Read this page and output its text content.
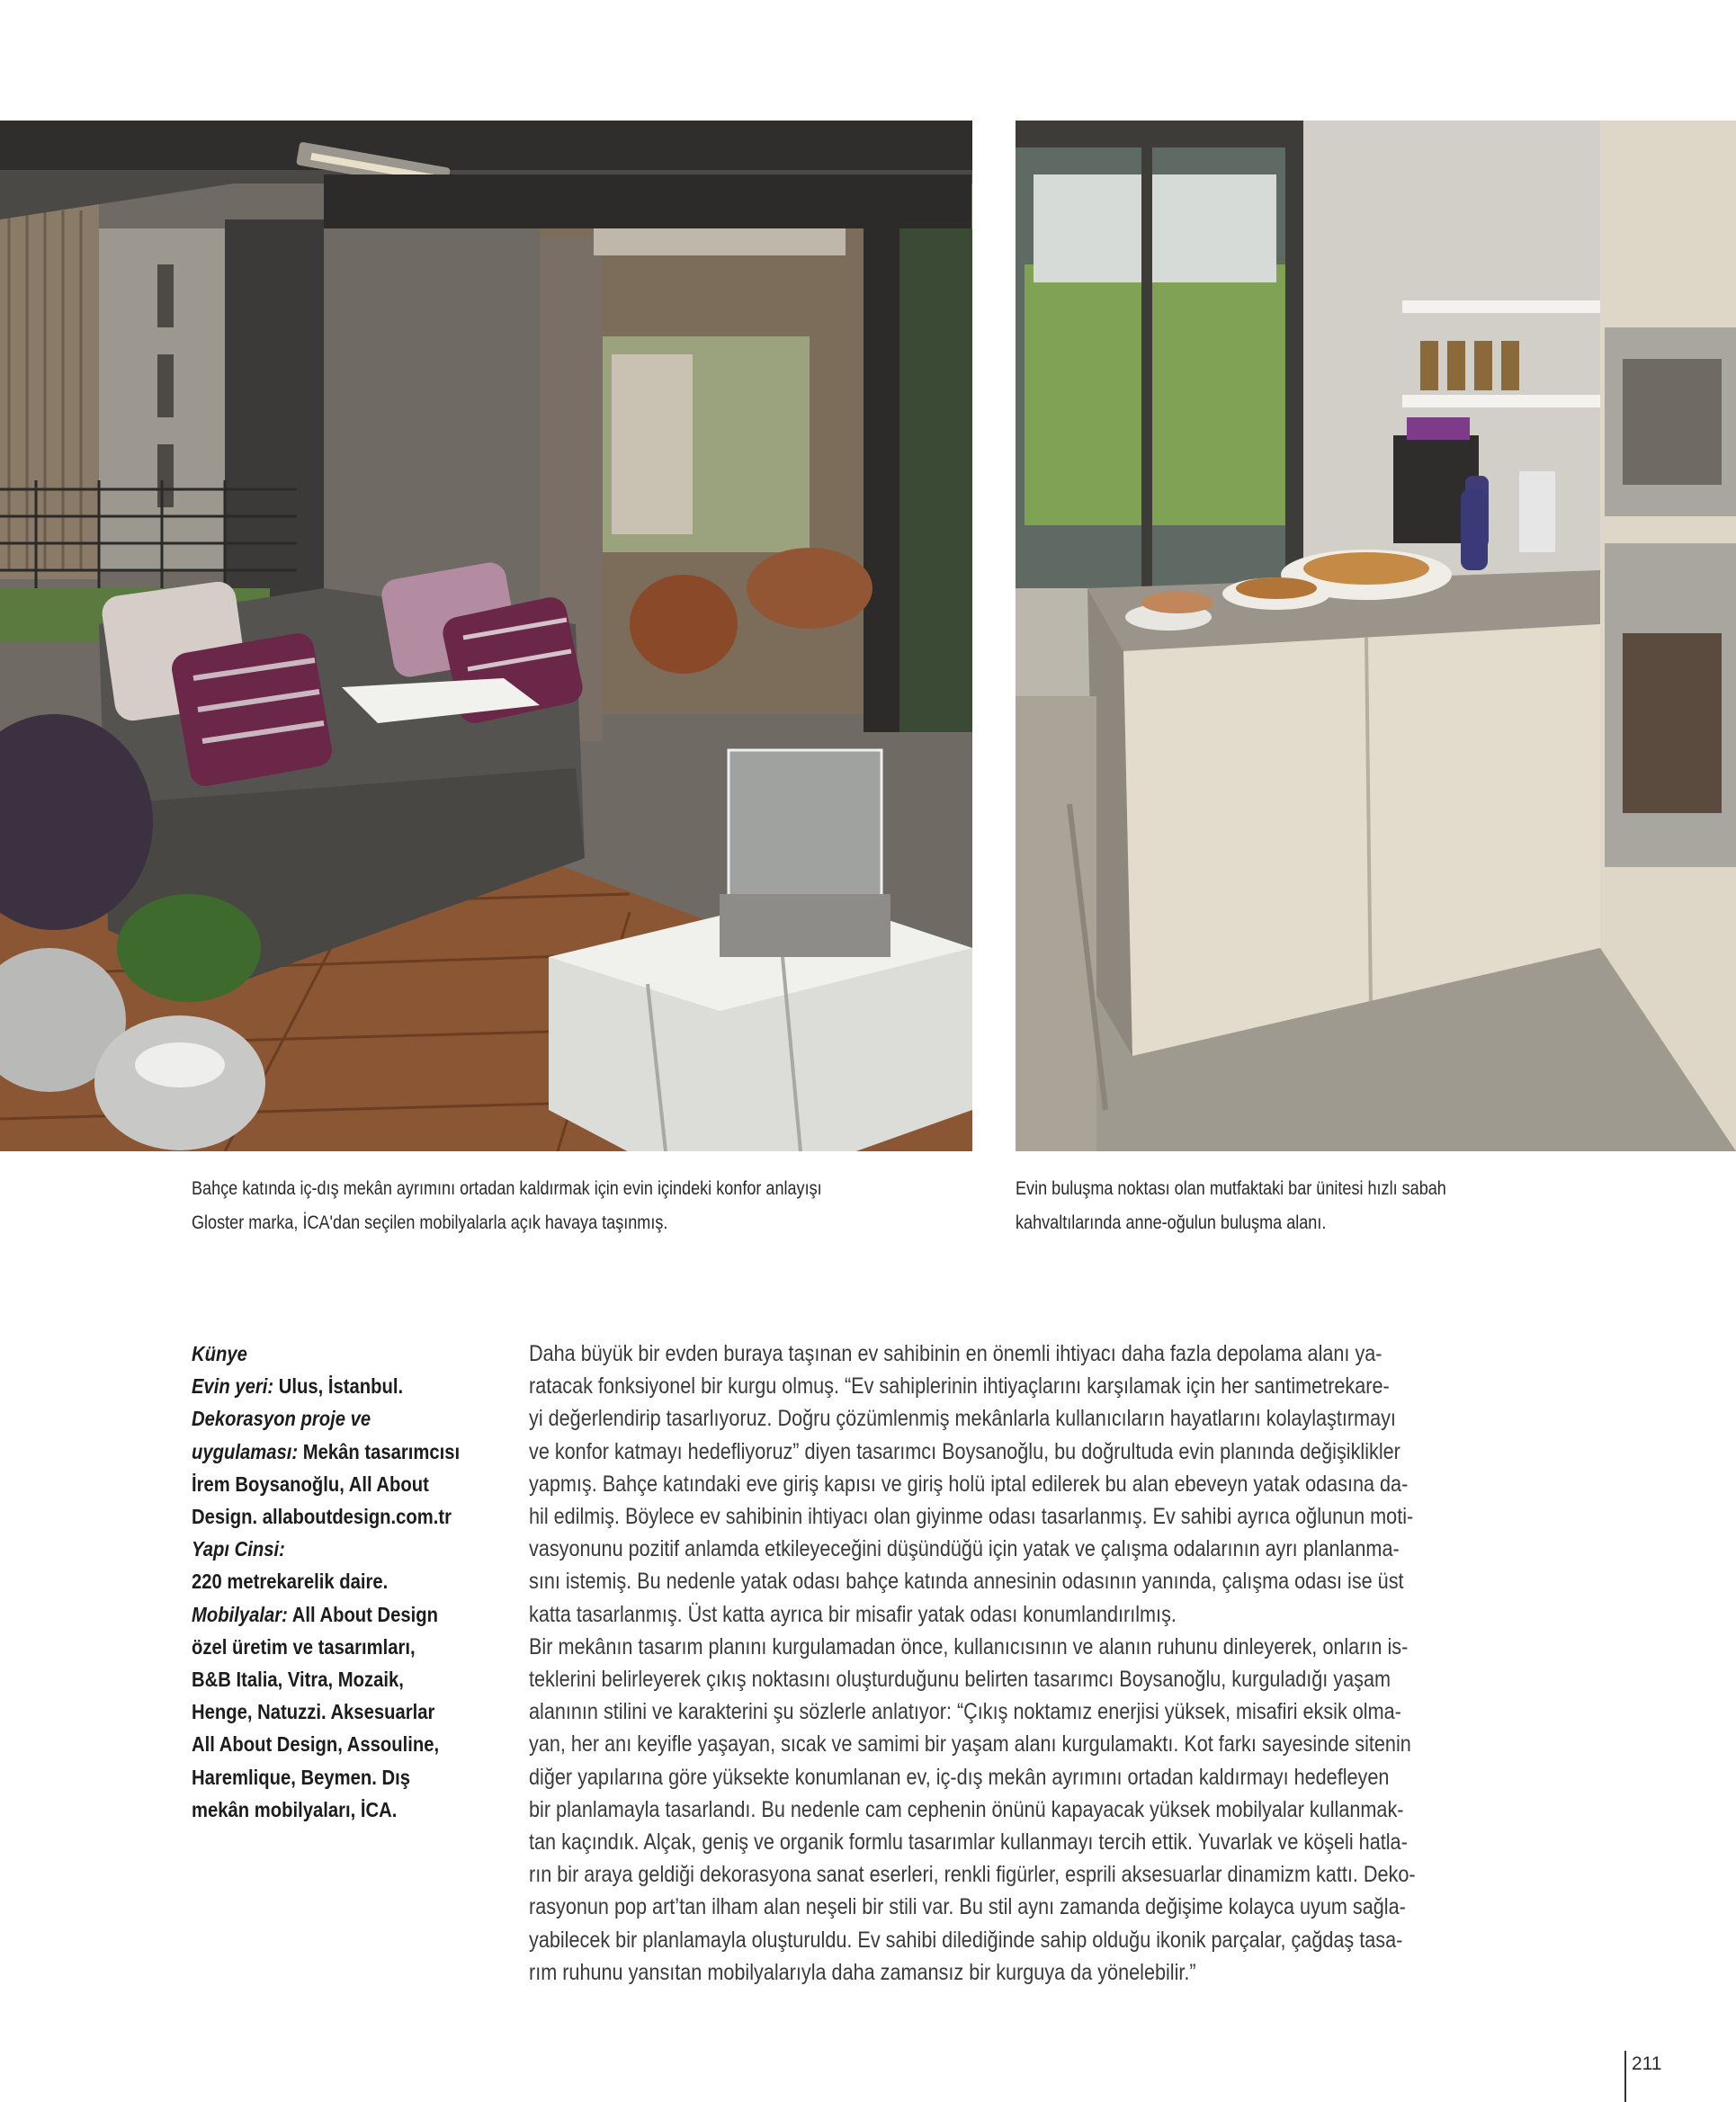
Bahçe katında iç-dış mekân ayrımını ortadan kaldırmak için evin içindeki konfor anlayışı
Gloster marka, İCA'dan seçilen mobilyalarla açık havaya taşınmış.
Evin buluşma noktası olan mutfaktaki bar ünitesi hızlı sabah
kahvaltılarında anne-oğulun buluşma alanı.
Künye
Evin yeri: Ulus, İstanbul.
Dekorasyon proje ve
uygulaması: Mekân tasarımcısı
İrem Boysanoğlu, All About
Design. allaboutdesign.com.tr
Yapı Cinsi:
220 metrekarelik daire.
Mobilyalar: All About Design
özel üretim ve tasarımları,
B&B Italia, Vitra, Mozaik,
Henge, Natuzzi. Aksesuarlar
All About Design, Assouline,
Haremlique, Beymen. Dış
mekân mobilyaları, İCA.
Daha büyük bir evden buraya taşınan ev sahibinin en önemli ihtiyacı daha fazla depolama alanı ya-
ratacak fonksiyonel bir kurgu olmuş. “Ev sahiplerinin ihtiyaçlarını karşılamak için her santimetrekare-
yi değerlendirip tasarlıyoruz. Doğru çözümlenmiş mekânlarla kullanıcıların hayatlarını kolaylaştırmayı
ve konfor katmayı hedefliyoruz” diyen tasarımcı Boysanoğlu, bu doğrultuda evin planında değişiklikler
yapmış. Bahçe katındaki eve giriş kapısı ve giriş holü iptal edilerek bu alan ebeveyn yatak odasına da-
hil edilmiş. Böylece ev sahibinin ihtiyacı olan giyinme odası tasarlanmış. Ev sahibi ayrıca oğlunun moti-
vasyonunu pozitif anlamda etkileyeceğini düşündüğü için yatak ve çalışma odalarının ayrı planlanma-
sını istemiş. Bu nedenle yatak odası bahçe katında annesinin odasının yanında, çalışma odası ise üst
katta tasarlanmış. Üst katta ayrıca bir misafir yatak odası konumlandırılmış.
Bir mekânın tasarım planını kurgulamadan önce, kullanıcısının ve alanın ruhunu dinleyerek, onların is-
teklerini belirleyerek çıkış noktasını oluşturduğunu belirten tasarımcı Boysanoğlu, kurguladığı yaşam
alanının stilini ve karakterini şu sözlerle anlatıyor: “Çıkış noktamız enerjisi yüksek, misafiri eksik olma-
yan, her anı keyifle yaşayan, sıcak ve samimi bir yaşam alanı kurgulamaktı. Kot farkı sayesinde sitenin
diğer yapılarına göre yüksekte konumlanan ev, iç-dış mekân ayrımını ortadan kaldırmayı hedefleyen
bir planlamayla tasarlandı. Bu nedenle cam cephenin önünü kapayacak yüksek mobilyalar kullanmak-
tan kaçındık. Alçak, geniş ve organik formlu tasarımlar kullanmayı tercih ettik. Yuvarlak ve köşeli hatla-
rın bir araya geldiği dekorasyona sanat eserleri, renkli figürler, esprili aksesuarlar dinamizm kattı. Deko-
rasyonun pop art’tan ilham alan neşeli bir stili var. Bu stil aynı zamanda değişime kolayca uyum sağla-
yabilecek bir planlamayla oluşturuldu. Ev sahibi dilediğinde sahip olduğu ikonik parçalar, çağdaş tasa-
rım ruhunu yansıtan mobilyalarıyla daha zamansız bir kurguya da yönelebilir.”
211
